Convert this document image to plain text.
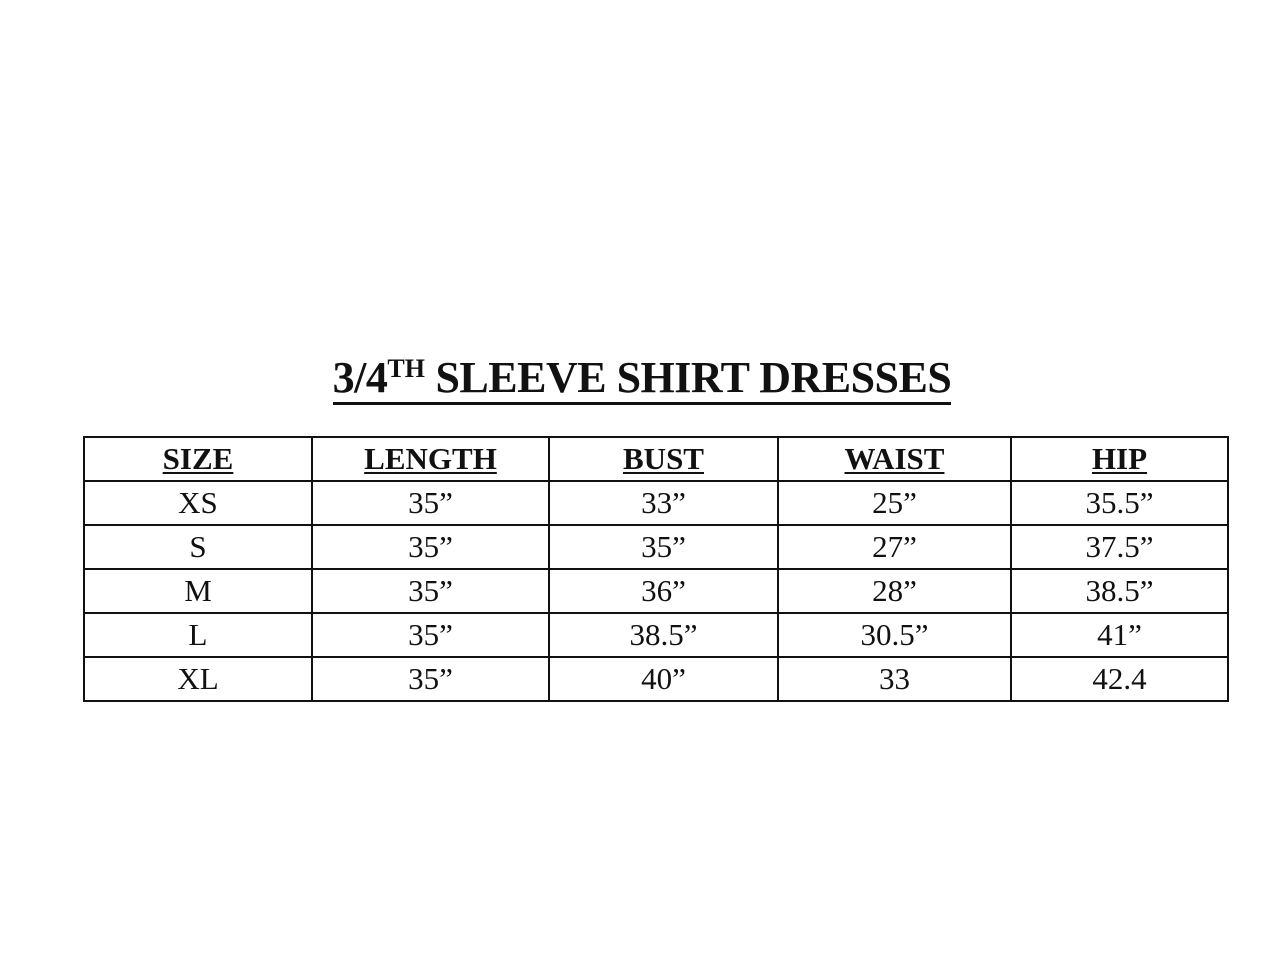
3/4TH SLEEVE SHIRT DRESSES
SIZE	LENGTH	BUST	WAIST	HIP
XS	35”	33”	25”	35.5”
S	35”	35”	27”	37.5”
M	35”	36”	28”	38.5”
L	35”	38.5”	30.5”	41”
XL	35”	40”	33	42.4
